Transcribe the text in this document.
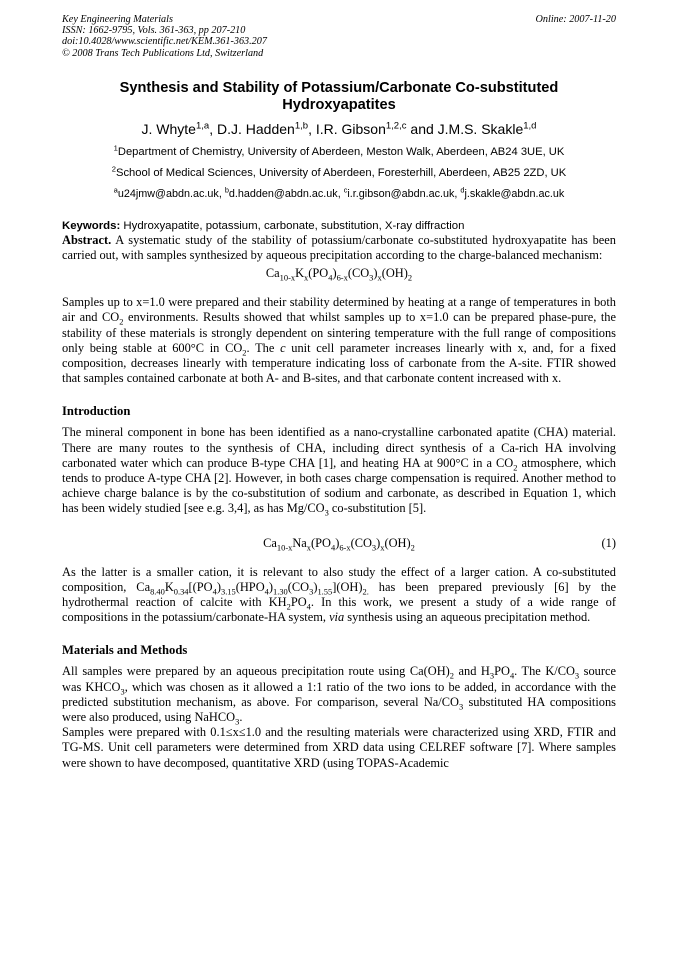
Key Engineering Materials
ISSN: 1662-9795, Vols. 361-363, pp 207-210
doi:10.4028/www.scientific.net/KEM.361-363.207
© 2008 Trans Tech Publications Ltd, Switzerland
Online: 2007-11-20
Synthesis and Stability of Potassium/Carbonate Co-substituted
Hydroxyapatites
J. Whyte$^{1,a}$, D.J. Hadden$^{1,b}$, I.R. Gibson$^{1,2,c}$ and J.M.S. Skakle$^{1,d}$
$^1$Department of Chemistry, University of Aberdeen, Meston Walk, Aberdeen, AB24 3UE, UK
$^2$School of Medical Sciences, University of Aberdeen, Foresterhill, Aberdeen, AB25 2ZD, UK
$^a$u24jmw@abdn.ac.uk, $^b$d.hadden@abdn.ac.uk, $^c$i.r.gibson@abdn.ac.uk, $^d$j.skakle@abdn.ac.uk
Keywords: Hydroxyapatite, potassium, carbonate, substitution, X-ray diffraction

Abstract. A systematic study of the stability of potassium/carbonate co-substituted hydroxyapatite has been carried out, with samples synthesized by aqueous precipitation according to the charge-balanced mechanism:

$Ca_{10-x}K_x(PO_4)_{6-x}(CO_3)_x(OH)_2$

Samples up to x=1.0 were prepared and their stability determined by heating at a range of temperatures in both air and $CO_2$ environments. Results showed that whilst samples up to x=1.0 can be prepared phase-pure, the stability of these materials is strongly dependent on sintering temperature with the full range of compositions only being stable at 600°C in $CO_2$. The c unit cell parameter increases linearly with x, and, for a fixed composition, decreases linearly with temperature indicating loss of carbonate from the A-site. FTIR showed that samples contained carbonate at both A- and B-sites, and that carbonate content increased with x.

Introduction

The mineral component in bone has been identified as a nano-crystalline carbonated apatite (CHA) material. There are many routes to the synthesis of CHA, including direct synthesis of a Ca-rich HA involving carbonated water which can produce B-type CHA [1], and heating HA at 900°C in a $CO_2$ atmosphere, which tends to produce A-type CHA [2]. However, in both cases charge compensation is required. Another method to achieve charge balance is by the co-substitution of sodium and carbonate, as described in Equation 1, which has been widely studied [see e.g. 3,4], as has $Mg/CO_3$ co-substitution [5].

$Ca_{10-x}Na_x(PO_4)_{6-x}(CO_3)_x(OH)_2$	(1)

As the latter is a smaller cation, it is relevant to also study the effect of a larger cation. A co-substituted composition, $Ca_{8.40}K_{0.34}[(PO_4)_{3.15}(HPO_4)_{1.30}(CO_3)_{1.55}](OH)_{2.}$ has been prepared previously [6] by the hydrothermal reaction of calcite with $KH_2PO_4$. In this work, we present a study of a wide range of compositions in the potassium/carbonate-HA system, via synthesis using an aqueous precipitation method.

Materials and Methods

All samples were prepared by an aqueous precipitation route using $Ca(OH)_2$ and $H_3PO_4$. The $K/CO_3$ source was $KHCO_3$, which was chosen as it allowed a 1:1 ratio of the two ions to be added, in accordance with the predicted substitution mechanism, as above. For comparison, several $Na/CO_3$ substituted HA compositions were also produced, using NaHCO$_3$.

Samples were prepared with 0.1≤x≤1.0 and the resulting materials were characterized using XRD, FTIR and TG-MS. Unit cell parameters were determined from XRD data using CELREF software [7]. Where samples were shown to have decomposed, quantitative XRD (using TOPAS-Academic
